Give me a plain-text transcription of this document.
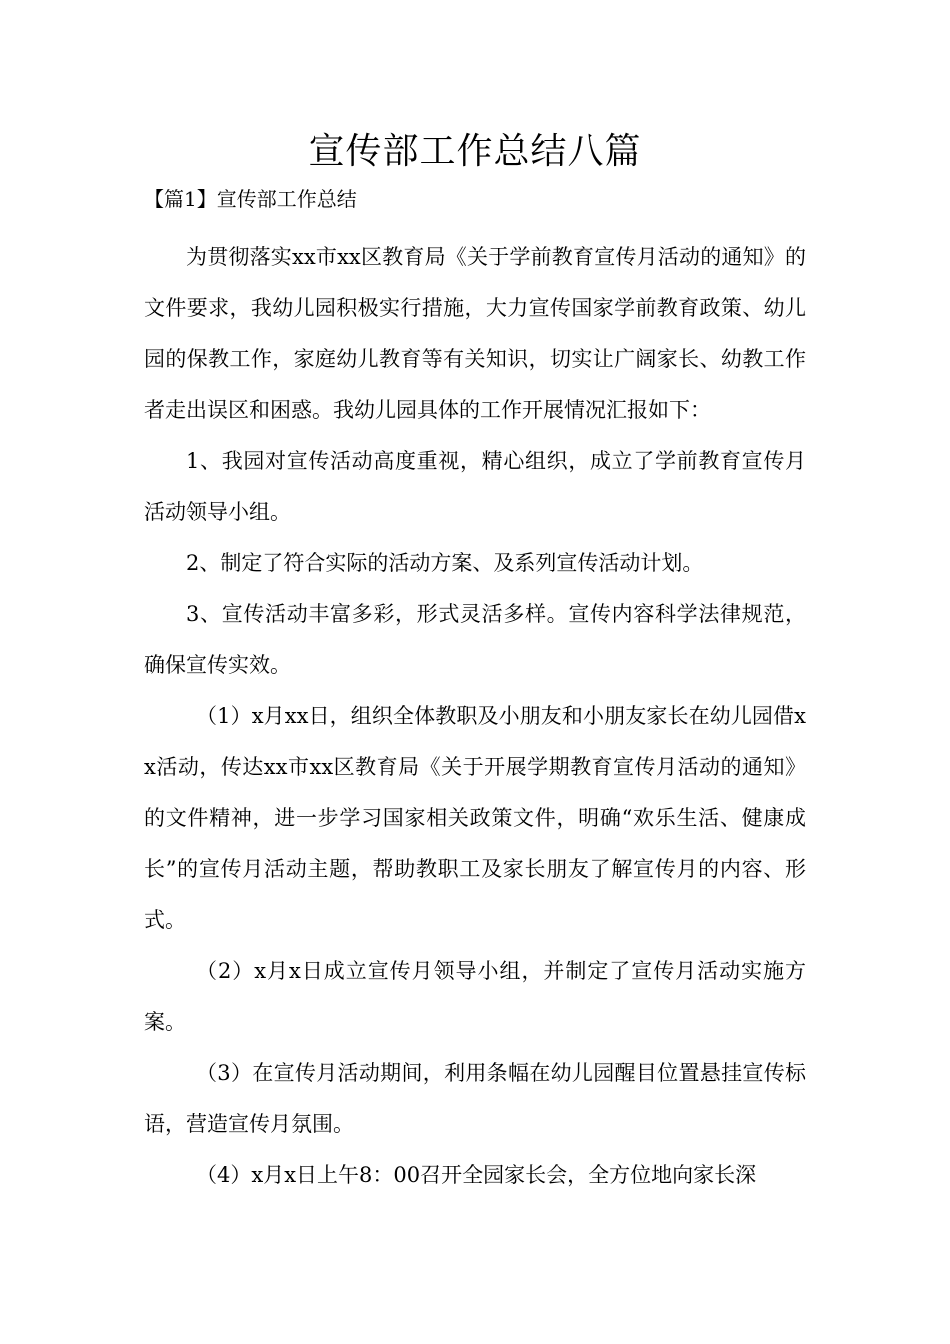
宣传部工作总结八篇

【篇1】宣传部工作总结

为贯彻落实xx市xx区教育局《关于学前教育宣传月活动的通知》的文件要求，我幼儿园积极实行措施，大力宣传国家学前教育政策、幼儿园的保教工作，家庭幼儿教育等有关知识，切实让广阔家长、幼教工作者走出误区和困惑。我幼儿园具体的工作开展情况汇报如下：

1、我园对宣传活动高度重视，精心组织，成立了学前教育宣传月活动领导小组。

2、制定了符合实际的活动方案、及系列宣传活动计划。

3、宣传活动丰富多彩，形式灵活多样。宣传内容科学法律规范，确保宣传实效。

（1）x月xx日，组织全体教职及小朋友和小朋友家长在幼儿园借xx活动，传达xx市xx区教育局《关于开展学期教育宣传月活动的通知》的文件精神，进一步学习国家相关政策文件，明确“欢乐生活、健康成长”的宣传月活动主题，帮助教职工及家长朋友了解宣传月的内容、形式。

（2）x月x日成立宣传月领导小组，并制定了宣传月活动实施方案。

（3）在宣传月活动期间，利用条幅在幼儿园醒目位置悬挂宣传标语，营造宣传月氛围。

（4）x月x日上午8：00召开全园家长会，全方位地向家长深
